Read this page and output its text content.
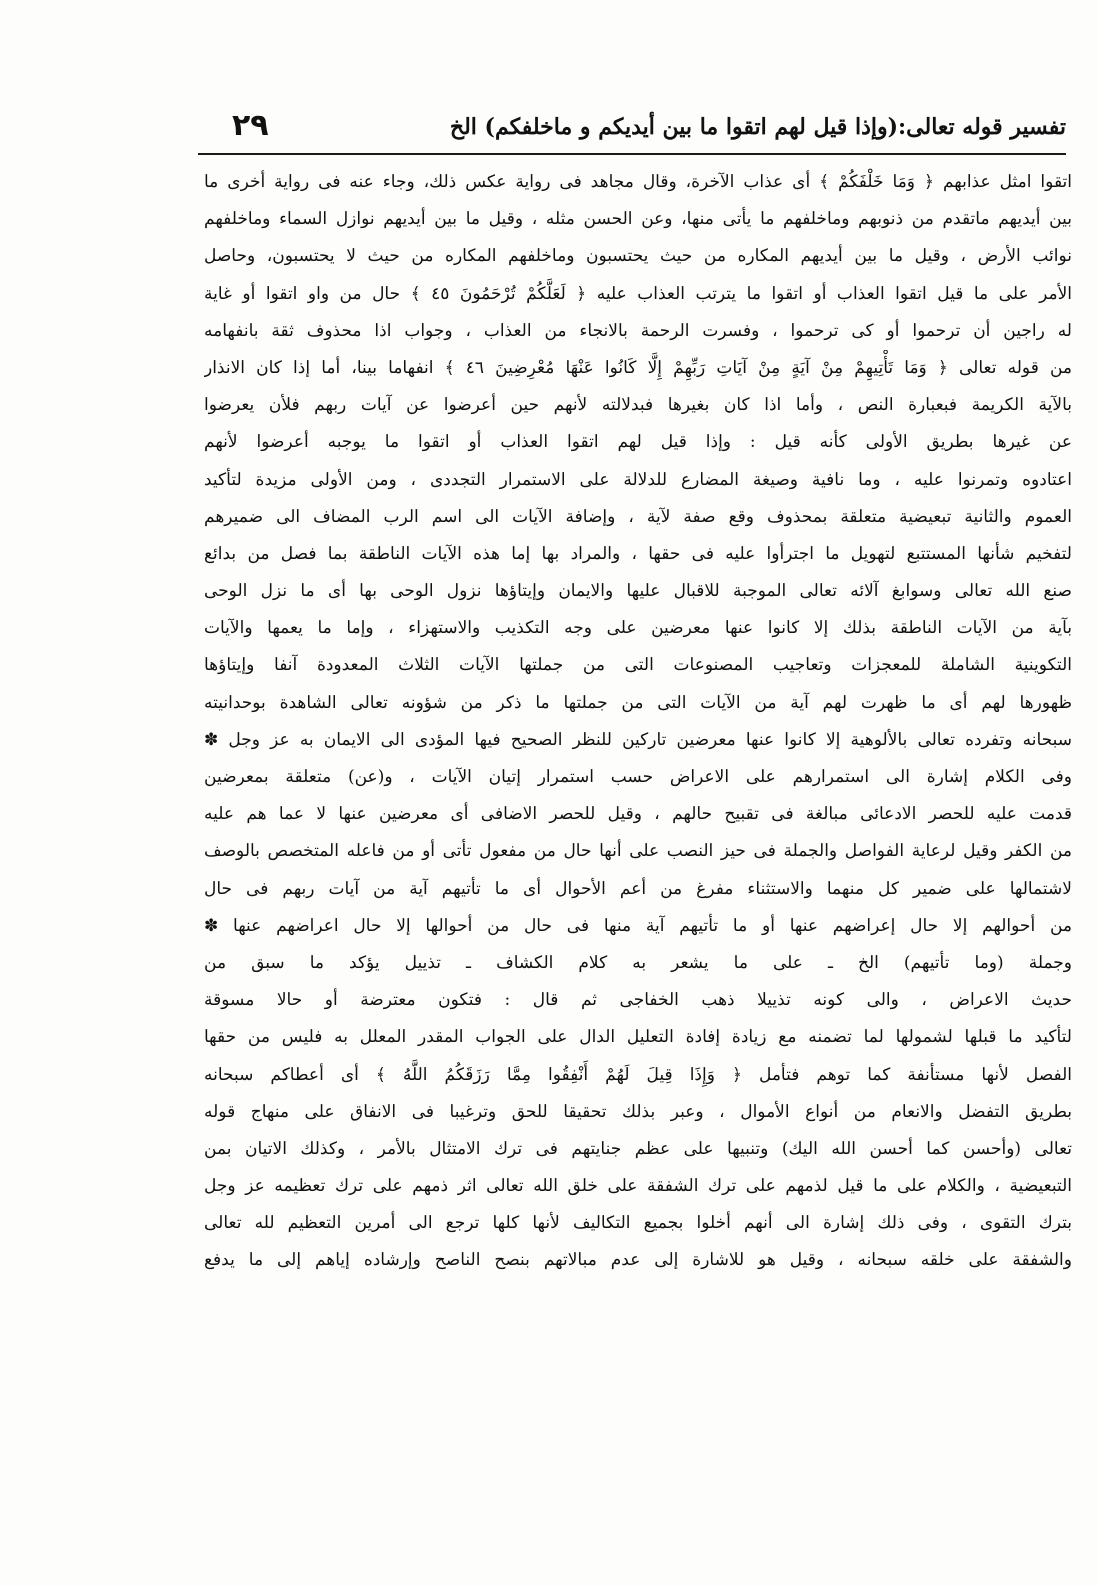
تفسير قوله تعالى:(وإذا قيل لهم اتقوا ما بين أيديكم و ماخلفكم) الخ
٢٩
اتقوا امثل عذابهم ﴿ وَمَا خَلْفَكُمْ ﴾ أى عذاب الآخرة، وقال مجاهد فى رواية عكس ذلك، وجاء عنه فى رواية أخرى ما
بين أيديهم ماتقدم من ذنوبهم وماخلفهم ما يأتى منها، وعن الحسن مثله ، وقيل ما بين أيديهم نوازل السماء وماخلفهم
نوائب الأرض ، وقيل ما بين أيديهم المكاره من حيث يحتسبون وماخلفهم المكاره من حيث لا يحتسبون، وحاصل
الأمر على ما قيل اتقوا العذاب أو اتقوا ما يترتب العذاب عليه ﴿ لَعَلَّكُمْ تُرْحَمُونَ ٤٥ ﴾ حال من واو اتقوا أو غاية
له راجين أن ترحموا أو كى ترحموا ، وفسرت الرحمة بالانجاء من العذاب ، وجواب اذا محذوف ثقة بانفهامه
من قوله تعالى ﴿ وَمَا تَأْتِيهِمْ مِنْ آيَةٍ مِنْ آيَاتِ رَبِّهِمْ إِلَّا كَانُوا عَنْهَا مُعْرِضِينَ ٤٦ ﴾ انفهاما بينا، أما إذا كان الانذار
بالآية الكريمة فبعبارة النص ، وأما اذا كان بغيرها فبدلالته لأنهم حين أعرضوا عن آيات ربهم فلأن يعرضوا
عن غيرها بطريق الأولى كأنه قيل : وإذا قيل لهم اتقوا العذاب أو اتقوا ما يوجبه أعرضوا لأنهم
اعتادوه وتمرنوا عليه ، وما نافية وصيغة المضارع للدلالة على الاستمرار التجددى ، ومن الأولى مزيدة لتأكيد
العموم والثانية تبعيضية متعلقة بمحذوف وقع صفة لآية ، وإضافة الآيات الى اسم الرب المضاف الى ضميرهم
لتفخيم شأنها المستتبع لتهويل ما اجترأوا عليه فى حقها ، والمراد بها إما هذه الآيات الناطقة بما فصل من بدائع
صنع الله تعالى وسوابغ آلائه تعالى الموجبة للاقبال عليها والايمان وإيتاؤها نزول الوحى بها أى ما نزل الوحى
بآية من الآيات الناطقة بذلك إلا كانوا عنها معرضين على وجه التكذيب والاستهزاء ، وإما ما يعمها والآيات
التكوينية الشاملة للمعجزات وتعاجيب المصنوعات التى من جملتها الآيات الثلاث المعدودة آنفا وإيتاؤها
ظهورها لهم أى ما ظهرت لهم آية من الآيات التى من جملتها ما ذكر من شؤونه تعالى الشاهدة بوحدانيته
سبحانه وتفرده تعالى بالألوهية إلا كانوا عنها معرضين تاركين للنظر الصحيح فيها المؤدى الى الايمان به عز وجل ✽
وفى الكلام إشارة الى استمرارهم على الاعراض حسب استمرار إتيان الآيات ، و(عن) متعلقة بمعرضين
قدمت عليه للحصر الادعائى مبالغة فى تقبيح حالهم ، وقيل للحصر الاضافى أى معرضين عنها لا عما هم عليه
من الكفر وقيل لرعاية الفواصل والجملة فى حيز النصب على أنها حال من مفعول تأتى أو من فاعله المتخصص بالوصف
لاشتمالها على ضمير كل منهما والاستثناء مفرغ من أعم الأحوال أى ما تأتيهم آية من آيات ربهم فى حال
من أحوالهم إلا حال إعراضهم عنها أو ما تأتيهم آية منها فى حال من أحوالها إلا حال اعراضهم عنها ✽
وجملة (وما تأتيهم) الخ ـ على ما يشعر به كلام الكشاف ـ تذييل يؤكد ما سبق من
حديث الاعراض ، والى كونه تذييلا ذهب الخفاجى ثم قال : فتكون معترضة أو حالا مسوقة
لتأكيد ما قبلها لشمولها لما تضمنه مع زيادة إفادة التعليل الدال على الجواب المقدر المعلل به فليس من حقها
الفصل لأنها مستأنفة كما توهم فتأمل ﴿ وَإِذَا قِيلَ لَهُمْ أَنْفِقُوا مِمَّا رَزَقَكُمُ اللَّهُ ﴾ أى أعطاكم سبحانه
بطريق التفضل والانعام من أنواع الأموال ، وعبر بذلك تحقيقا للحق وترغيبا فى الانفاق على منهاج قوله
تعالى (وأحسن كما أحسن الله اليك) وتنبيها على عظم جنايتهم فى ترك الامتثال بالأمر ، وكذلك الاتيان بمن
التبعيضية ، والكلام على ما قيل لذمهم على ترك الشفقة على خلق الله تعالى اثر ذمهم على ترك تعظيمه عز وجل
بترك التقوى ، وفى ذلك إشارة الى أنهم أخلوا بجميع التكاليف لأنها كلها ترجع الى أمرين التعظيم لله تعالى
والشفقة على خلقه سبحانه ، وقيل هو للاشارة إلى عدم مبالاتهم بنصح الناصح وإرشاده إياهم إلى ما يدفع
